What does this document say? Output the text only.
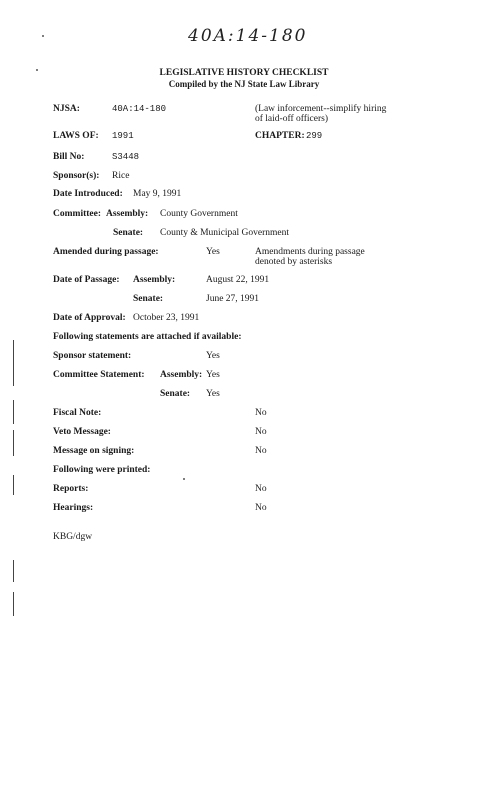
40A:14-180
LEGISLATIVE HISTORY CHECKLIST
Compiled by the NJ State Law Library
NJSA:	40A:14-180	(Law inforcement--simplify hiring
of laid-off officers)
LAWS OF: 1991	CHAPTER: 299
Bill No:	S3448
Sponsor(s): Rice
Date Introduced: May 9, 1991
Committee: Assembly: County Government
Senate: County & Municipal Government
Amended during passage:	Yes	Amendments during passage
denoted by asterisks
Date of Passage: Assembly:	August 22, 1991
Senate:	June 27, 1991
Date of Approval: October 23, 1991
Following statements are attached if available:
Sponsor statement:	Yes
Committee Statement: Assembly: Yes
Senate: Yes
Fiscal Note:	No
Veto Message:	No
Message on signing:	No
Following were printed:
Reports:	No
Hearings:	No
KBG/dgw
